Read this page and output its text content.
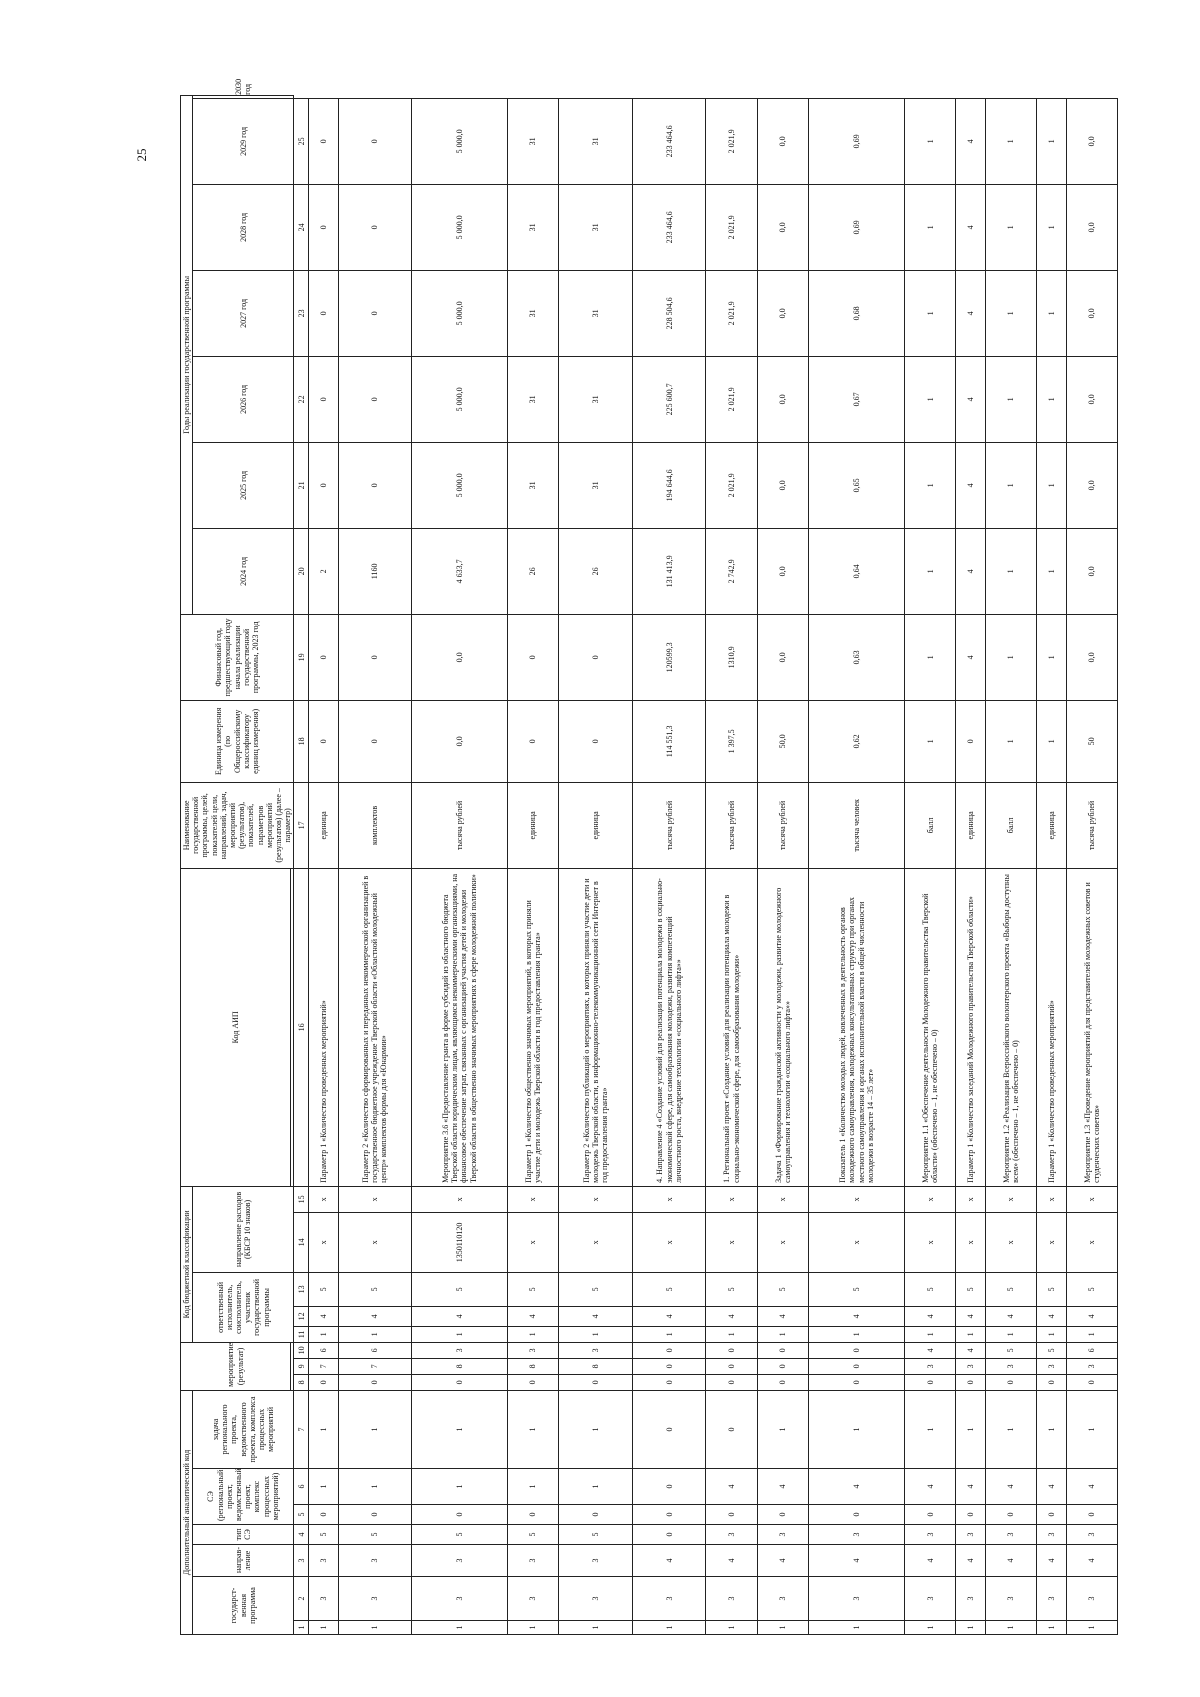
25
Дополнительный аналитический код							мероприятие (результат)			Код бюджетной классификации					Код АИП	Наименование государственной программы, целей, показателей цели, направлений, задач, мероприятий (результатов), показателей, параметров мероприятий (результатов) (далее – параметр)	Единица измерения (по Общероссийскому классификатору единиц измерения)	Финансовый год, предшествующий году начала реализации государственной программы, 2023 год	Годы реализации государственной программы						
государст-венная программа		направ-ление	тип СЭ	СЭ (региональный проект, ведомственный проект, комплекс процессных мероприятий)		задача регионального проекта, ведомственного проекта, комплекса процессных мероприятий				ответственный исполнитель, соисполнитель, участник государственной программы			направление расходов (КБСР 10 знаков)						2024 год	2025 год	2026 год	2027 год	2028 год	2029 год	2030 год

1	2	3	4	5	6	7	8	9	10	11	12	13	14	15	16	17	18	19	20	21	22	23	24	25	
1	3	3	5	0	1	1	0	7	6	1	4	5	x	x	Параметр 1 «Количество проведенных мероприятий»	единица	0	0	2	0	0	0	0	0	
1	3	3	5	0	1	1	0	7	6	1	4	5	x	x	Параметр 2 «Количество сформированных и переданных некоммерческой организацией в государственное бюджетное учреждение Тверской области «Областной молодежный центр» комплектов формы для «Юнармии»	комплектов	0	0	1160	0	0	0	0	0	
1	3	3	5	0	1	1	0	8	3	1	4	5	1350110120	x	Мероприятие 3.6 «Предоставление гранта в форме субсидий из областного бюджета Тверской области юридическим лицам, являющимся некоммерческими организациями, на финансовое обеспечение затрат, связанных с организацией участия детей и молодежи Тверской области в общественно значимых мероприятиях в сфере молодежной политики»	тысяча рублей	0,0	0,0	4 633,7	5 000,0	5 000,0	5 000,0	5 000,0	5 000,0	
1	3	3	5	0	1	1	0	8	3	1	4	5	x	x	Параметр 1 «Количество общественно значимых мероприятий, в которых приняли участие дети и молодежь Тверской области в год предоставления гранта»	единица	0	0	26	31	31	31	31	31	
1	3	3	5	0	1	1	0	8	3	1	4	5	x	x	Параметр 2 «Количество публикаций о мероприятиях, в которых приняли участие дети и молодежь Тверской области, в информационно-телекоммуникационной сети Интернет в год предоставления гранта»	единица	0	0	26	31	31	31	31	31	
1	3	4	0	0	0	0	0	0	0	1	4	5	x	x	4. Направление 4 «Создание условий для реализации потенциала молодежи в социально-экономической сфере, для самообразования молодежи, развития компетенций личностного роста, внедрение технологии «социального лифта»»	тысяча рублей	114 551,3	120599,3	131 413,9	194 644,6	225 600,7	228 504,6	233 464,6	233 464,6	
1	3	4	3	0	4	0	0	0	0	1	4	5	x	x	1. Региональный проект «Создание условий для реализации потенциала молодежи в социально-экономической сфере, для самообразования молодежи»	тысяча рублей	1 397,5	1310,9	2 742,9	2 021,9	2 021,9	2 021,9	2 021,9	2 021,9	
1	3	4	3	0	4	1	0	0	0	1	4	5	x	x	Задача 1 «Формирование гражданской активности у молодежи, развитие молодежного самоуправления и технологии «социального лифта»»	тысяча рублей	50,0	0,0	0,0	0,0	0,0	0,0	0,0	0,0	
1	3	4	3	0	4	1	0	0	0	1	4	5	x	x	Показатель 1 «Количество молодых людей, вовлеченных в деятельность органов молодежного самоуправления, молодежных консультативных структур при органах местного самоуправления и органах исполнительной власти в общей численности молодежи в возрасте 14 – 35 лет»	тысяча человек	0,62	0,63	0,64	0,65	0,67	0,68	0,69	0,69	
1	3	4	3	0	4	1	0	3	4	1	4	5	x	x	Мероприятие 1.1 «Обеспечение деятельности Молодежного правительства Тверской области» (обеспечено – 1, не обеспечено – 0)	балл	1	1	1	1	1	1	1	1	
1	3	4	3	0	4	1	0	3	4	1	4	5	x	x	Параметр 1 «Количество заседаний Молодежного правительства Тверской области»	единица	0	4	4	4	4	4	4	4	
1	3	4	3	0	4	1	0	3	5	1	4	5	x	x	Мероприятие 1.2 «Реализация Всероссийского волонтерского проекта «Выборы доступны всем» (обеспечено – 1, не обеспечено – 0)	балл	1	1	1	1	1	1	1	1	
1	3	4	3	0	4	1	0	3	5	1	4	5	x	x	Параметр 1 «Количество проведенных мероприятий»	единица	1	1	1	1	1	1	1	1	
1	3	4	3	0	4	1	0	3	6	1	4	5	x	x	Мероприятие 1.3 «Проведение мероприятий для представителей молодежных советов и студенческих советов»	тысяча рублей	50	0,0	0,0	0,0	0,0	0,0	0,0	0,0	
